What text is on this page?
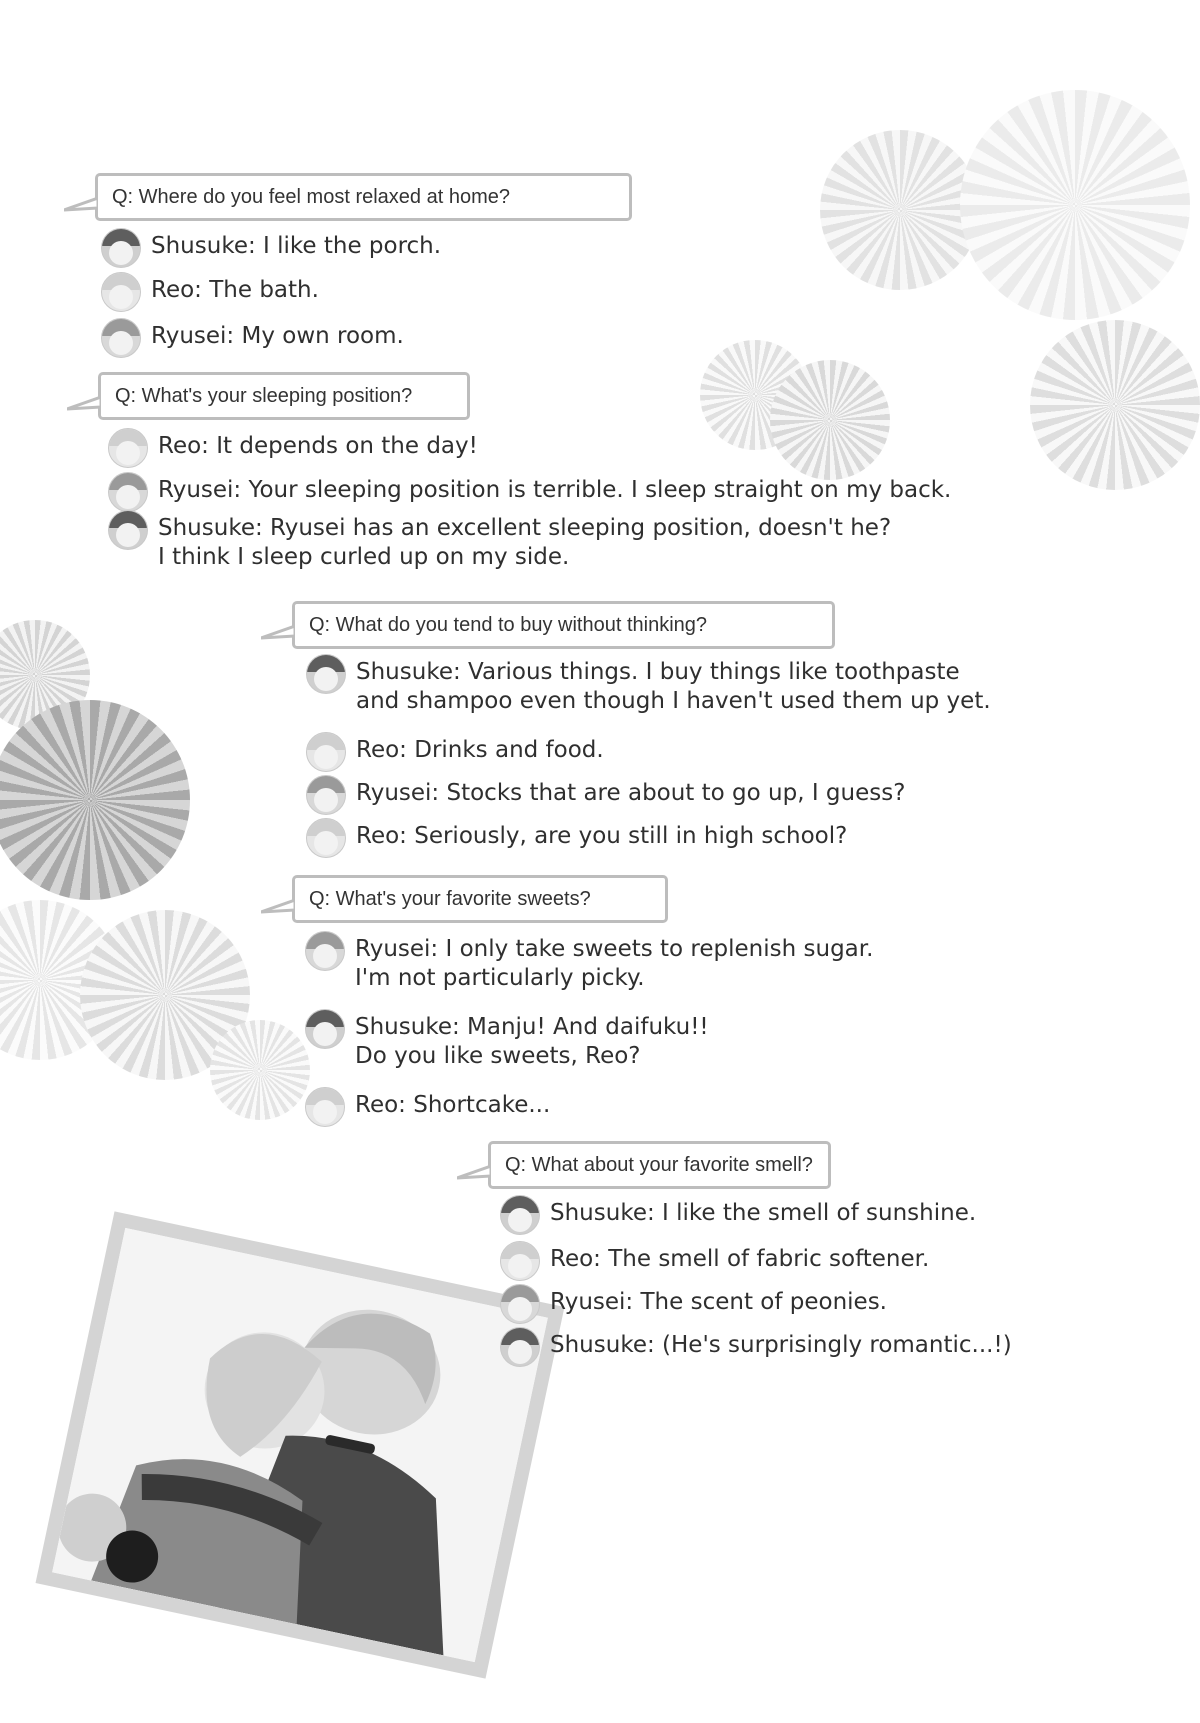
Q: Where do you feel most relaxed at home?
Shusuke: I like the porch.
Reo: The bath.
Ryusei: My own room.
Q: What's your sleeping position?
Reo: It depends on the day!
Ryusei: Your sleeping position is terrible. I sleep straight on my back.
Shusuke: Ryusei has an excellent sleeping position, doesn't he?
I think I sleep curled up on my side.
Q: What do you tend to buy without thinking?
Shusuke: Various things. I buy things like toothpaste
and shampoo even though I haven't used them up yet.
Reo: Drinks and food.
Ryusei: Stocks that are about to go up, I guess?
Reo: Seriously, are you still in high school?
Q: What's your favorite sweets?
Ryusei: I only take sweets to replenish sugar.
I'm not particularly picky.
Shusuke: Manju! And daifuku!!
Do you like sweets, Reo?
Reo: Shortcake...
Q: What about your favorite smell?
Shusuke: I like the smell of sunshine.
Reo: The smell of fabric softener.
Ryusei: The scent of peonies.
Shusuke: (He's surprisingly romantic...!)
